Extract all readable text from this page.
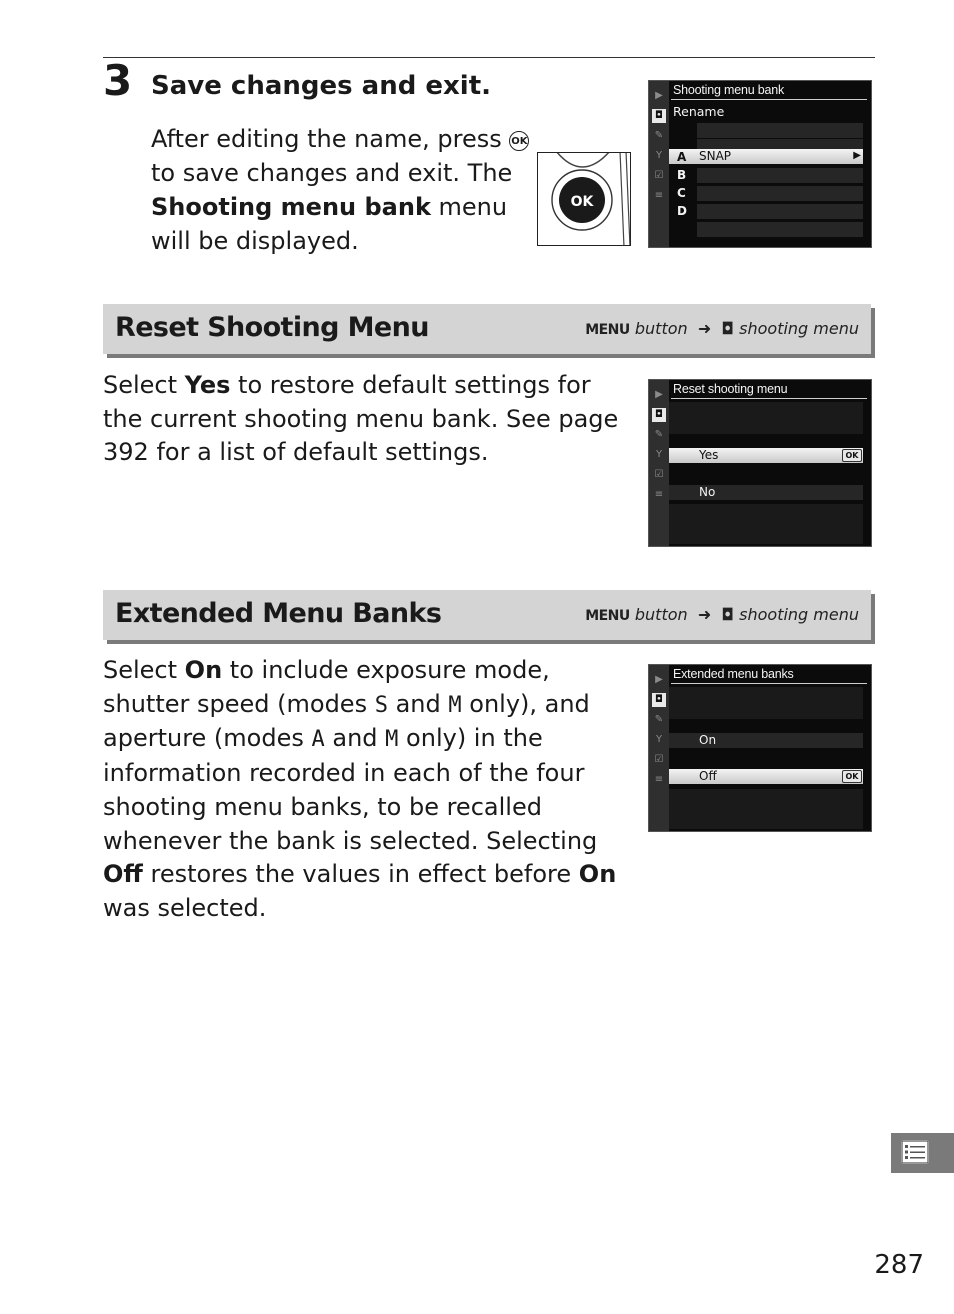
3 Save changes and exit.
After editing the name, press OK to save changes and exit. The Shooting menu bank menu will be displayed.
OK
▶
◘
✎
Y
☑
≡
Shooting menu bank
Rename
SNAP	▶
A
B
C
D
Reset Shooting Menu	MENU button ➜ ◘ shooting menu
Select Yes to restore default settings for the current shooting menu bank. See page 392 for a list of default settings.
▶
◘
✎
Y
☑
≡
Reset shooting menu
Yes	OK
No
Extended Menu Banks	MENU button ➜ ◘ shooting menu
Select On to include exposure mode, shutter speed (modes S and M only), and aperture (modes A and M only) in the information recorded in each of the four shooting menu banks, to be recalled whenever the bank is selected. Selecting Off restores the values in effect before On was selected.
▶
◘
✎
Y
☑
≡
Extended menu banks
On
Off	OK
287
